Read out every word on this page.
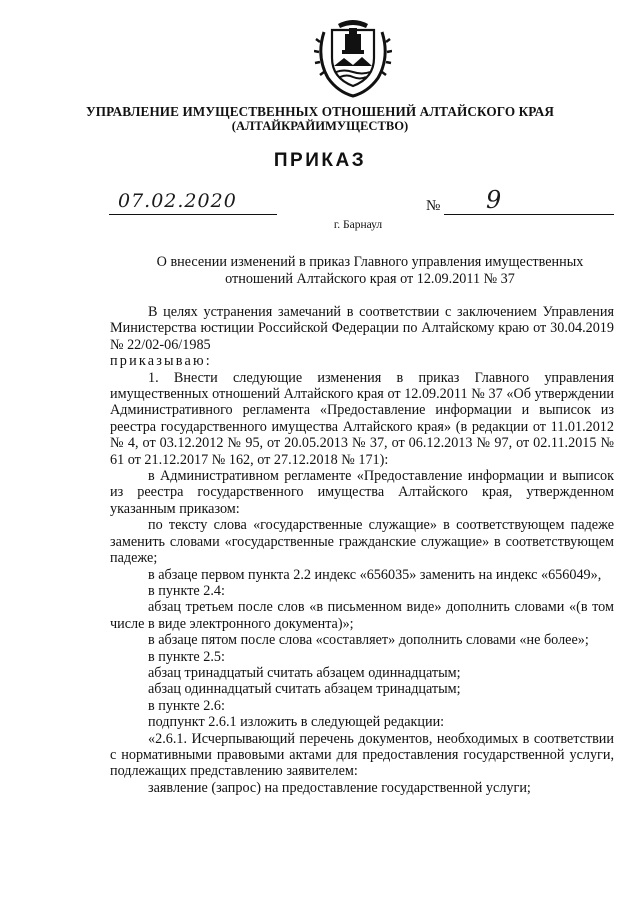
УПРАВЛЕНИЕ ИМУЩЕСТВЕННЫХ ОТНОШЕНИЙ АЛТАЙСКОГО КРАЯ
(АЛТАЙКРАЙИМУЩЕСТВО)
ПРИКАЗ
07.02.2020	№ 9
г. Барнаул
О внесении изменений в приказ Главного управления имущественных
отношений Алтайского края от 12.09.2011 № 37

В целях устранения замечаний в соответствии с заключением Управления Министерства юстиции Российской Федерации по Алтайскому краю от 30.04.2019 № 22/02-06/1985

приказываю:

1. Внести следующие изменения в приказ Главного управления имущественных отношений Алтайского края от 12.09.2011 № 37 «Об утверждении Административного регламента «Предоставление информации и выписок из реестра государственного имущества Алтайского края» (в редакции от 11.01.2012 № 4, от 03.12.2012 № 95, от 20.05.2013 № 37, от 06.12.2013 № 97, от 02.11.2015 № 61 от 21.12.2017 № 162, от 27.12.2018 № 171):

в Административном регламенте «Предоставление информации и выписок из реестра государственного имущества Алтайского края, утвержденном указанным приказом:

по тексту слова «государственные служащие» в соответствующем падеже заменить словами «государственные гражданские служащие» в соответствующем падеже;

в абзаце первом пункта 2.2 индекс «656035» заменить на индекс «656049»,

в пункте 2.4:

абзац третьем после слов «в письменном виде» дополнить словами «(в том числе в виде электронного документа)»;

в абзаце пятом после слова «составляет» дополнить словами «не более»;

в пункте 2.5:

абзац тринадцатый считать абзацем одиннадцатым;

абзац одиннадцатый считать абзацем тринадцатым;

в пункте 2.6:

подпункт 2.6.1 изложить в следующей редакции:

«2.6.1. Исчерпывающий перечень документов, необходимых в соответствии с нормативными правовыми актами для предоставления государственной услуги, подлежащих представлению заявителем:

заявление (запрос) на предоставление государственной услуги;
